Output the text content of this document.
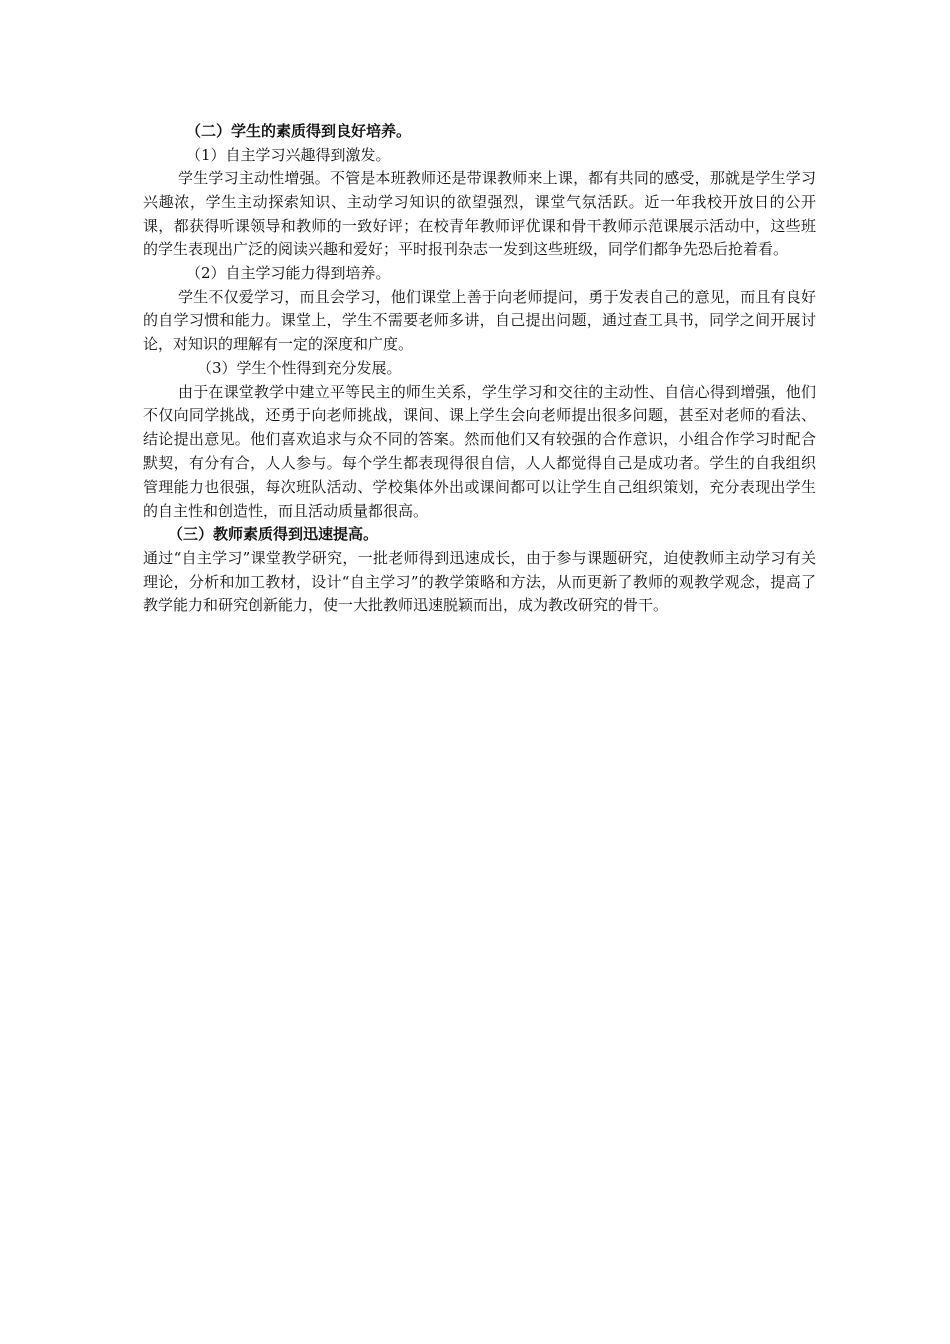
（二）学生的素质得到良好培养。

（1）自主学习兴趣得到激发。

学生学习主动性增强。不管是本班教师还是带课教师来上课，都有共同的感受，那就是学生学习兴趣浓，学生主动探索知识、主动学习知识的欲望强烈，课堂气氛活跃。近一年我校开放日的公开课，都获得听课领导和教师的一致好评；在校青年教师评优课和骨干教师示范课展示活动中，这些班的学生表现出广泛的阅读兴趣和爱好；平时报刊杂志一发到这些班级，同学们都争先恐后抢着看。

（2）自主学习能力得到培养。

学生不仅爱学习，而且会学习，他们课堂上善于向老师提问，勇于发表自己的意见，而且有良好的自学习惯和能力。课堂上，学生不需要老师多讲，自己提出问题，通过查工具书，同学之间开展讨论，对知识的理解有一定的深度和广度。

（3）学生个性得到充分发展。

由于在课堂教学中建立平等民主的师生关系，学生学习和交往的主动性、自信心得到增强，他们不仅向同学挑战，还勇于向老师挑战，课间、课上学生会向老师提出很多问题，甚至对老师的看法、结论提出意见。他们喜欢追求与众不同的答案。然而他们又有较强的合作意识，小组合作学习时配合默契，有分有合，人人参与。每个学生都表现得很自信，人人都觉得自己是成功者。学生的自我组织管理能力也很强，每次班队活动、学校集体外出或课间都可以让学生自己组织策划，充分表现出学生的自主性和创造性，而且活动质量都很高。

（三）教师素质得到迅速提高。

通过“自主学习”课堂教学研究，一批老师得到迅速成长，由于参与课题研究，迫使教师主动学习有关理论，分析和加工教材，设计“自主学习”的教学策略和方法，从而更新了教师的观教学观念，提高了教学能力和研究创新能力，使一大批教师迅速脱颖而出，成为教改研究的骨干。
